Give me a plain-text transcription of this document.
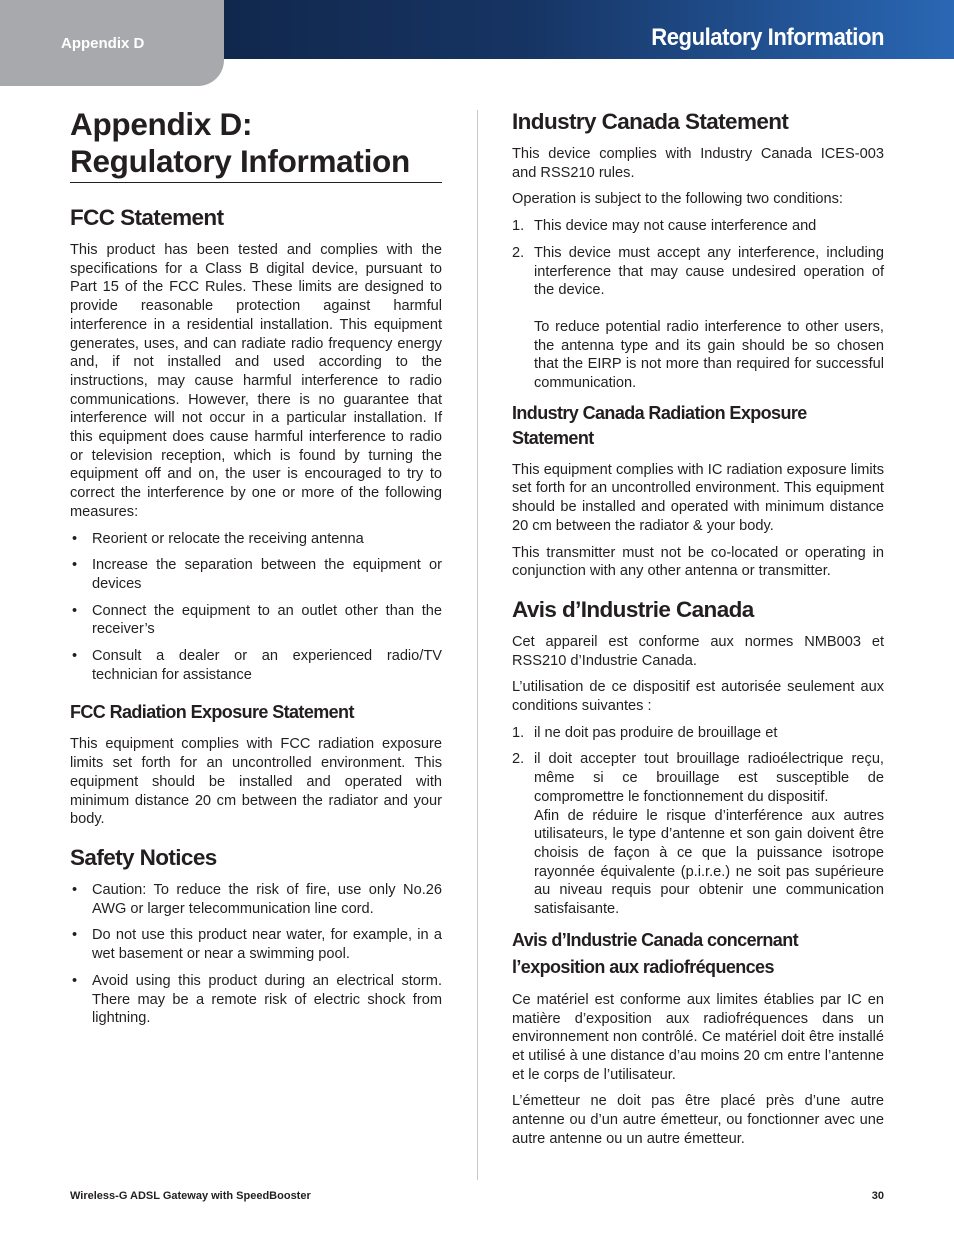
Appendix D	Regulatory Information
Appendix D:
Regulatory Information
FCC Statement

This product has been tested and complies with the specifications for a Class B digital device, pursuant to Part 15 of the FCC Rules. These limits are designed to provide reasonable protection against harmful interference in a residential installation. This equipment generates, uses, and can radiate radio frequency energy and, if not installed and used according to the instructions, may cause harmful interference to radio communications. However, there is no guarantee that interference will not occur in a particular installation. If this equipment does cause harmful interference to radio or television reception, which is found by turning the equipment off and on, the user is encouraged to try to correct the interference by one or more of the following measures:

• Reorient or relocate the receiving antenna
• Increase the separation between the equipment or devices
• Connect the equipment to an outlet other than the receiver’s
• Consult a dealer or an experienced radio/TV technician for assistance
FCC Radiation Exposure Statement

This equipment complies with FCC radiation exposure limits set forth for an uncontrolled environment. This equipment should be installed and operated with minimum distance 20 cm between the radiator and your body.

Safety Notices
• Caution: To reduce the risk of fire, use only No.26 AWG or larger telecommunication line cord.
• Do not use this product near water, for example, in a wet basement or near a swimming pool.
• Avoid using this product during an electrical storm. There may be a remote risk of electric shock from lightning.
Industry Canada Statement

This device complies with Industry Canada ICES-003 and RSS210 rules.

Operation is subject to the following two conditions:

1. This device may not cause interference and
2. This device must accept any interference, including interference that may cause undesired operation of the device.
To reduce potential radio interference to other users, the antenna type and its gain should be so chosen that the EIRP is not more than required for successful communication.
Industry Canada Radiation Exposure Statement

This equipment complies with IC radiation exposure limits set forth for an uncontrolled environment. This equipment should be installed and operated with minimum distance 20 cm between the radiator & your body.

This transmitter must not be co-located or operating in conjunction with any other antenna or transmitter.

Avis d’Industrie Canada

Cet appareil est conforme aux normes NMB003 et RSS210 d’Industrie Canada.

L’utilisation de ce dispositif est autorisée seulement aux conditions suivantes :

1. il ne doit pas produire de brouillage et
2. il doit accepter tout brouillage radioélectrique reçu, même si ce brouillage est susceptible de compromettre le fonctionnement du dispositif.
Afin de réduire le risque d’interférence aux autres utilisateurs, le type d’antenne et son gain doivent être choisis de façon à ce que la puissance isotrope rayonnée équivalente (p.i.r.e.) ne soit pas supérieure au niveau requis pour obtenir une communication satisfaisante.
Avis d’Industrie Canada concernant l’exposition aux radiofréquences

Ce matériel est conforme aux limites établies par IC en matière d’exposition aux radiofréquences dans un environnement non contrôlé. Ce matériel doit être installé et utilisé à une distance d’au moins 20 cm entre l’antenne et le corps de l’utilisateur.

L’émetteur ne doit pas être placé près d’une autre antenne ou d’un autre émetteur, ou fonctionner avec une autre antenne ou un autre émetteur.

Wireless-G ADSL Gateway with SpeedBooster	30
